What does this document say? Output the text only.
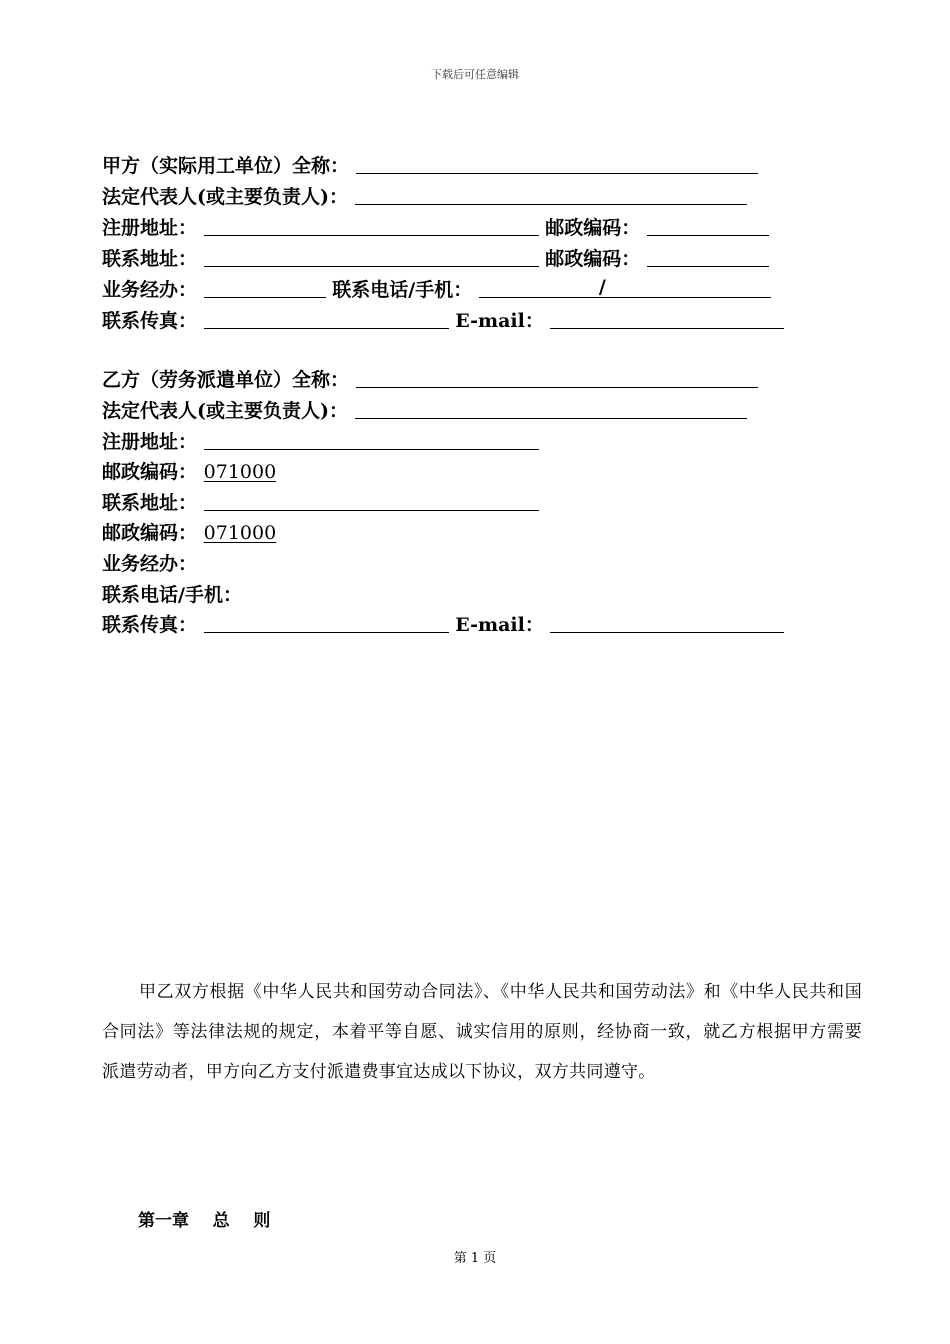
下载后可任意编辑
甲方（实际用工单位）全称：
法定代表人(或主要负责人)：
注册地址：	邮政编码：
联系地址：	邮政编码：
业务经办：	联系电话/手机：	/
联系传真：	E-mail：
乙方（劳务派遣单位）全称：
法定代表人(或主要负责人)：
注册地址：
邮政编码： 071000
联系地址：
邮政编码： 071000
业务经办：
联系电话/手机：
联系传真：	E-mail：

甲乙双方根据《中华人民共和国劳动合同法》、《中华人民共和国劳动法》和《中华人民共和国合同法》等法律法规的规定，本着平等自愿、诚实信用的原则，经协商一致，就乙方根据甲方需要派遣劳动者，甲方向乙方支付派遣费事宜达成以下协议，双方共同遵守。

第一章    总    则
第 1 页
